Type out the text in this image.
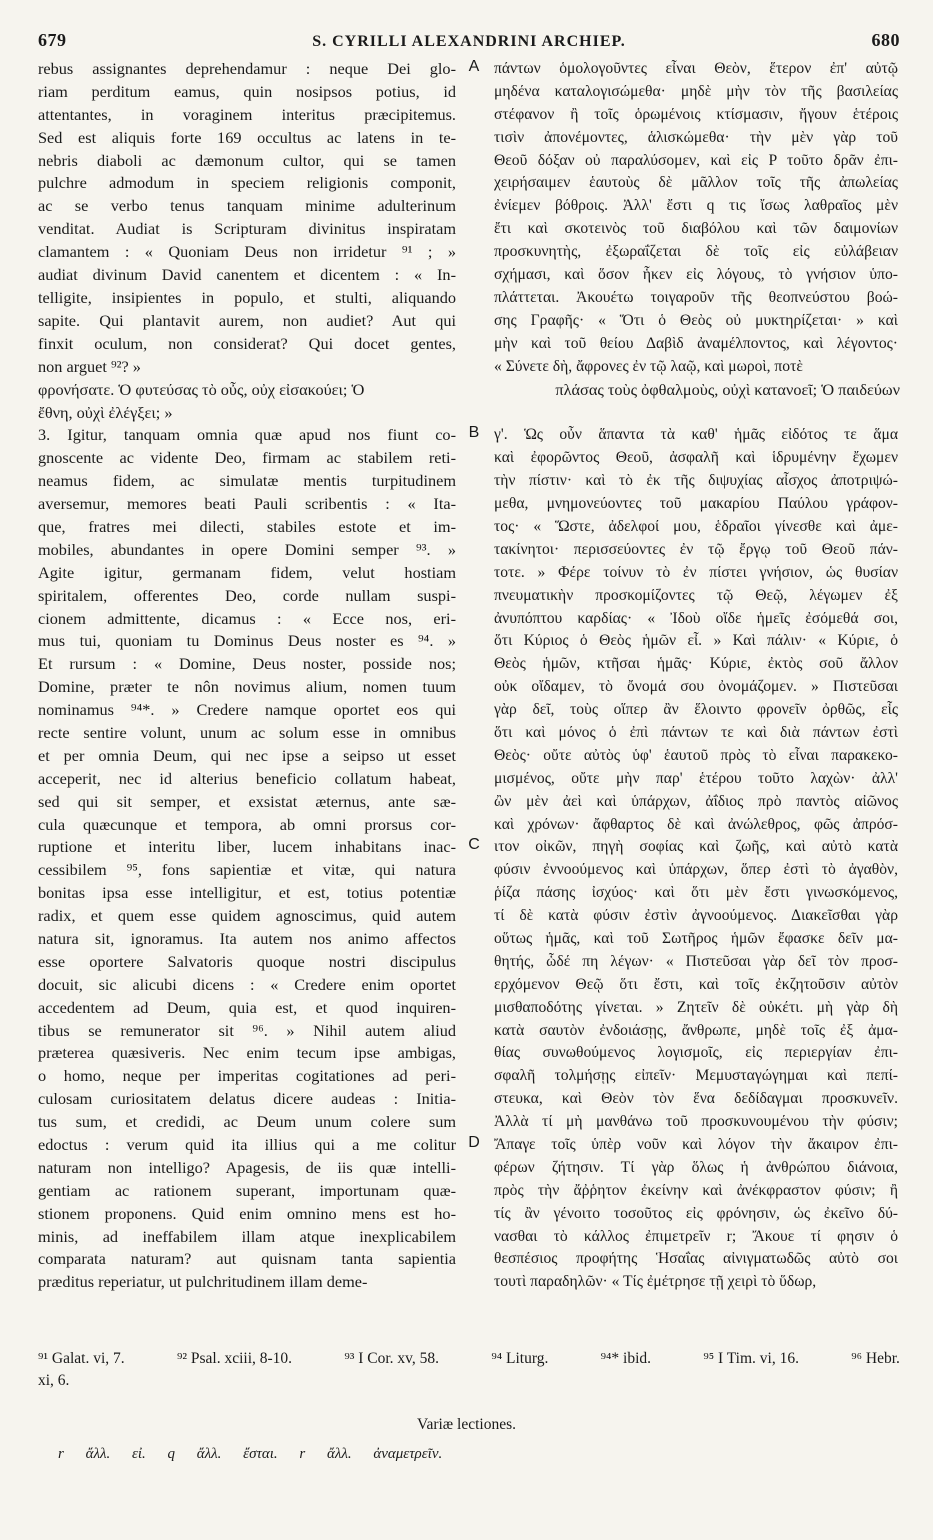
679	S. CYRILLI ALEXANDRINI ARCHIEP.	680
rebus assignantes deprehendamur : neque Dei glo-
riam perditum eamus, quin nosipsos potius, id
attentantes, in voraginem interitus præcipitemus.
Sed est aliquis forte 169 occultus ac latens in te-
nebris diaboli ac dæmonum cultor, qui se tamen
pulchre admodum in speciem religionis componit,
ac se verbo tenus tanquam minime adulterinum
venditat. Audiat is Scripturam divinitus inspiratam
clamantem : « Quoniam Deus non irridetur ⁹¹ ; »
audiat divinum David canentem et dicentem : « In-
telligite, insipientes in populo, et stulti, aliquando
sapite. Qui plantavit aurem, non audiet? Aut qui
finxit oculum, non considerat? Qui docet gentes,
non arguet ⁹²? »
πάντων ὁμολογοῦντες εἶναι Θεὸν, ἕτερον ἐπ' αὐτῷ
μηδένα καταλογισώμεθα· μηδὲ μὴν τὸν τῆς βασιλείας
στέφανον ἢ τοῖς ὁρωμένοις κτίσμασιν, ἤγουν ἑτέροις
τισὶν ἀπονέμοντες, ἁλισκώμεθα· τὴν μὲν γὰρ τοῦ
Θεοῦ δόξαν οὐ παραλύσομεν, καὶ εἰς P τοῦτο δρᾶν ἐπι-
χειρήσαιμεν ἑαυτοὺς δὲ μᾶλλον τοῖς τῆς ἀπωλείας
ἐνίεμεν βόθροις. Ἀλλ' ἔστι q τις ἴσως λαθραῖος μὲν
ἔτι καὶ σκοτεινὸς τοῦ διαβόλου καὶ τῶν δαιμονίων
προσκυνητὴς, ἐξωραΐζεται δὲ τοῖς εἰς εὐλάβειαν
σχήμασι, καὶ ὅσον ἧκεν εἰς λόγους, τὸ γνήσιον ὑπο-
πλάττεται. Ἀκουέτω τοιγαροῦν τῆς θεοπνεύστου βοώ-
σης Γραφῆς· « Ὅτι ὁ Θεὸς οὐ μυκτηρίζεται· » καὶ
μὴν καὶ τοῦ θείου Δαβὶδ ἀναμέλποντος, καὶ λέγοντος·
« Σύνετε δὴ, ἄφρονες ἐν τῷ λαῷ, καὶ μωροὶ, ποτὲ
φρονήσατε. Ὁ φυτεύσας τὸ οὖς, οὐχ εἰσακούει; Ὁ	πλάσας τοὺς ὀφθαλμοὺς, οὐχὶ κατανοεῖ; Ὁ παιδεύων
ἔθνη, οὐχὶ ἐλέγξει; »
3. Igitur, tanquam omnia quæ apud nos fiunt co-
gnoscente ac vidente Deo, firmam ac stabilem reti-
neamus fidem, ac simulatæ mentis turpitudinem
aversemur, memores beati Pauli scribentis : « Ita-
que, fratres mei dilecti, stabiles estote et im-
mobiles, abundantes in opere Domini semper ⁹³. »
Agite igitur, germanam fidem, velut hostiam
spiritalem, offerentes Deo, corde nullam suspi-
cionem admittente, dicamus : « Ecce nos, eri-
mus tui, quoniam tu Dominus Deus noster es ⁹⁴. »
Et rursum : « Domine, Deus noster, posside nos;
Domine, præter te nôn novimus alium, nomen tuum
nominamus ⁹⁴*. » Credere namque oportet eos qui
recte sentire volunt, unum ac solum esse in omnibus
et per omnia Deum, qui nec ipse a seipso ut esset
acceperit, nec id alterius beneficio collatum habeat,
sed qui sit semper, et exsistat æternus, ante sæ-
cula quæcunque et tempora, ab omni prorsus cor-
ruptione et interitu liber, lucem inhabitans inac-
cessibilem ⁹⁵, fons sapientiæ et vitæ, qui natura
bonitas ipsa esse intelligitur, et est, totius potentiæ
radix, et quem esse quidem agnoscimus, quid autem
natura sit, ignoramus. Ita autem nos animo affectos
esse oportere Salvatoris quoque nostri discipulus
docuit, sic alicubi dicens : « Credere enim oportet
accedentem ad Deum, quia est, et quod inquiren-
tibus se remunerator sit ⁹⁶. » Nihil autem aliud
præterea quæsiveris. Nec enim tecum ipse ambigas,
o homo, neque per imperitas cogitationes ad peri-
culosam curiositatem delatus dicere audeas : Initia-
tus sum, et credidi, ac Deum unum colere sum
edoctus : verum quid ita illius qui a me colitur
naturam non intelligo? Apagesis, de iis quæ intelli-
gentiam ac rationem superant, importunam quæ-
stionem proponens. Quid enim omnino mens est ho-
minis, ad ineffabilem illam atque inexplicabilem
comparata naturam? aut quisnam tanta sapientia
præditus reperiatur, ut pulchritudinem illam deme-
γ'. Ὡς οὖν ἅπαντα τὰ καθ' ἡμᾶς εἰδότος τε ἅμα
καὶ ἐφορῶντος Θεοῦ, ἀσφαλῆ καὶ ἱδρυμένην ἔχωμεν
τὴν πίστιν· καὶ τὸ ἐκ τῆς διψυχίας αἶσχος ἀποτριψώ-
μεθα, μνημονεύοντες τοῦ μακαρίου Παύλου γράφον-
τος· « Ὥστε, ἀδελφοί μου, ἑδραῖοι γίνεσθε καὶ ἀμε-
τακίνητοι· περισσεύοντες ἐν τῷ ἔργῳ τοῦ Θεοῦ πάν-
τοτε. » Φέρε τοίνυν τὸ ἐν πίστει γνήσιον, ὡς θυσίαν
πνευματικὴν προσκομίζοντες τῷ Θεῷ, λέγωμεν ἐξ
ἀνυπόπτου καρδίας· « Ἰδοὺ οἴδε ἡμεῖς ἐσόμεθά σοι,
ὅτι Κύριος ὁ Θεὸς ἡμῶν εἶ. » Καὶ πάλιν· « Κύριε, ὁ
Θεὸς ἡμῶν, κτῆσαι ἡμᾶς· Κύριε, ἐκτὸς σοῦ ἄλλον
οὐκ οἴδαμεν, τὸ ὄνομά σου ὀνομάζομεν. » Πιστεῦσαι
γὰρ δεῖ, τοὺς οἵπερ ἂν ἕλοιντο φρονεῖν ὀρθῶς, εἷς
ὅτι καὶ μόνος ὁ ἐπὶ πάντων τε καὶ διὰ πάντων ἐστὶ
Θεὸς· οὔτε αὐτὸς ὑφ' ἑαυτοῦ πρὸς τὸ εἶναι παρακεκο-
μισμένος, οὔτε μὴν παρ' ἑτέρου τοῦτο λαχὼν· ἀλλ'
ὢν μὲν ἀεὶ καὶ ὑπάρχων, ἀΐδιος πρὸ παντὸς αἰῶνος
καὶ χρόνων· ἄφθαρτος δὲ καὶ ἀνώλεθρος, φῶς ἀπρόσ-
ιτον οἰκῶν, πηγὴ σοφίας καὶ ζωῆς, καὶ αὐτὸ κατὰ
φύσιν ἐννοούμενος καὶ ὑπάρχων, ὅπερ ἐστὶ τὸ ἀγαθὸν,
ῥίζα πάσης ἰσχύος· καὶ ὅτι μὲν ἔστι γινωσκόμενος,
τί δὲ κατὰ φύσιν ἐστὶν ἀγνοούμενος. Διακεῖσθαι γὰρ
οὕτως ἡμᾶς, καὶ τοῦ Σωτῆρος ἡμῶν ἔφασκε δεῖν μα-
θητής, ὧδέ πη λέγων· « Πιστεῦσαι γὰρ δεῖ τὸν προσ-
ερχόμενον Θεῷ ὅτι ἔστι, καὶ τοῖς ἐκζητοῦσιν αὐτὸν
μισθαποδότης γίνεται. » Ζητεῖν δὲ οὐκέτι. μὴ γὰρ δὴ
κατὰ σαυτὸν ἐνδοιάσῃς, ἄνθρωπε, μηδὲ τοῖς ἐξ ἀμα-
θίας συνωθούμενος λογισμοῖς, εἰς περιεργίαν ἐπι-
σφαλῆ τολμήσῃς εἰπεῖν· Μεμυσταγώγημαι καὶ πεπί-
στευκα, καὶ Θεὸν τὸν ἕνα δεδίδαγμαι προσκυνεῖν.
Ἀλλὰ τί μὴ μανθάνω τοῦ προσκυνουμένου τὴν φύσιν;
Ἄπαγε τοῖς ὑπὲρ νοῦν καὶ λόγον τὴν ἄκαιρον ἐπι-
φέρων ζήτησιν. Τί γὰρ ὅλως ἡ ἀνθρώπου διάνοια,
πρὸς τὴν ἄῤῥητον ἐκείνην καὶ ἀνέκφραστον φύσιν; ἢ
τίς ἂν γένοιτο τοσοῦτος εἰς φρόνησιν, ὡς ἐκεῖνο δύ-
νασθαι τὸ κάλλος ἐπιμετρεῖν r; Ἄκουε τί φησιν ὁ
θεσπέσιος προφήτης Ἡσαΐας αἰνιγματωδῶς αὐτὸ σοι
τουτὶ παραδηλῶν· « Τίς ἐμέτρησε τῇ χειρὶ τὸ ὕδωρ,
A
B
C
D
⁹¹ Galat. vi, 7.	⁹² Psal. xciii, 8-10.	⁹³ I Cor. xv, 58.	⁹⁴ Liturg.	⁹⁴* ibid.	⁹⁵ I Tim. vi, 16.	⁹⁶ Hebr.
xi, 6.
Variæ lectiones.
r ἄλλ. εἰ. q ἄλλ. ἔσται. r ἄλλ. ἀναμετρεῖν.
